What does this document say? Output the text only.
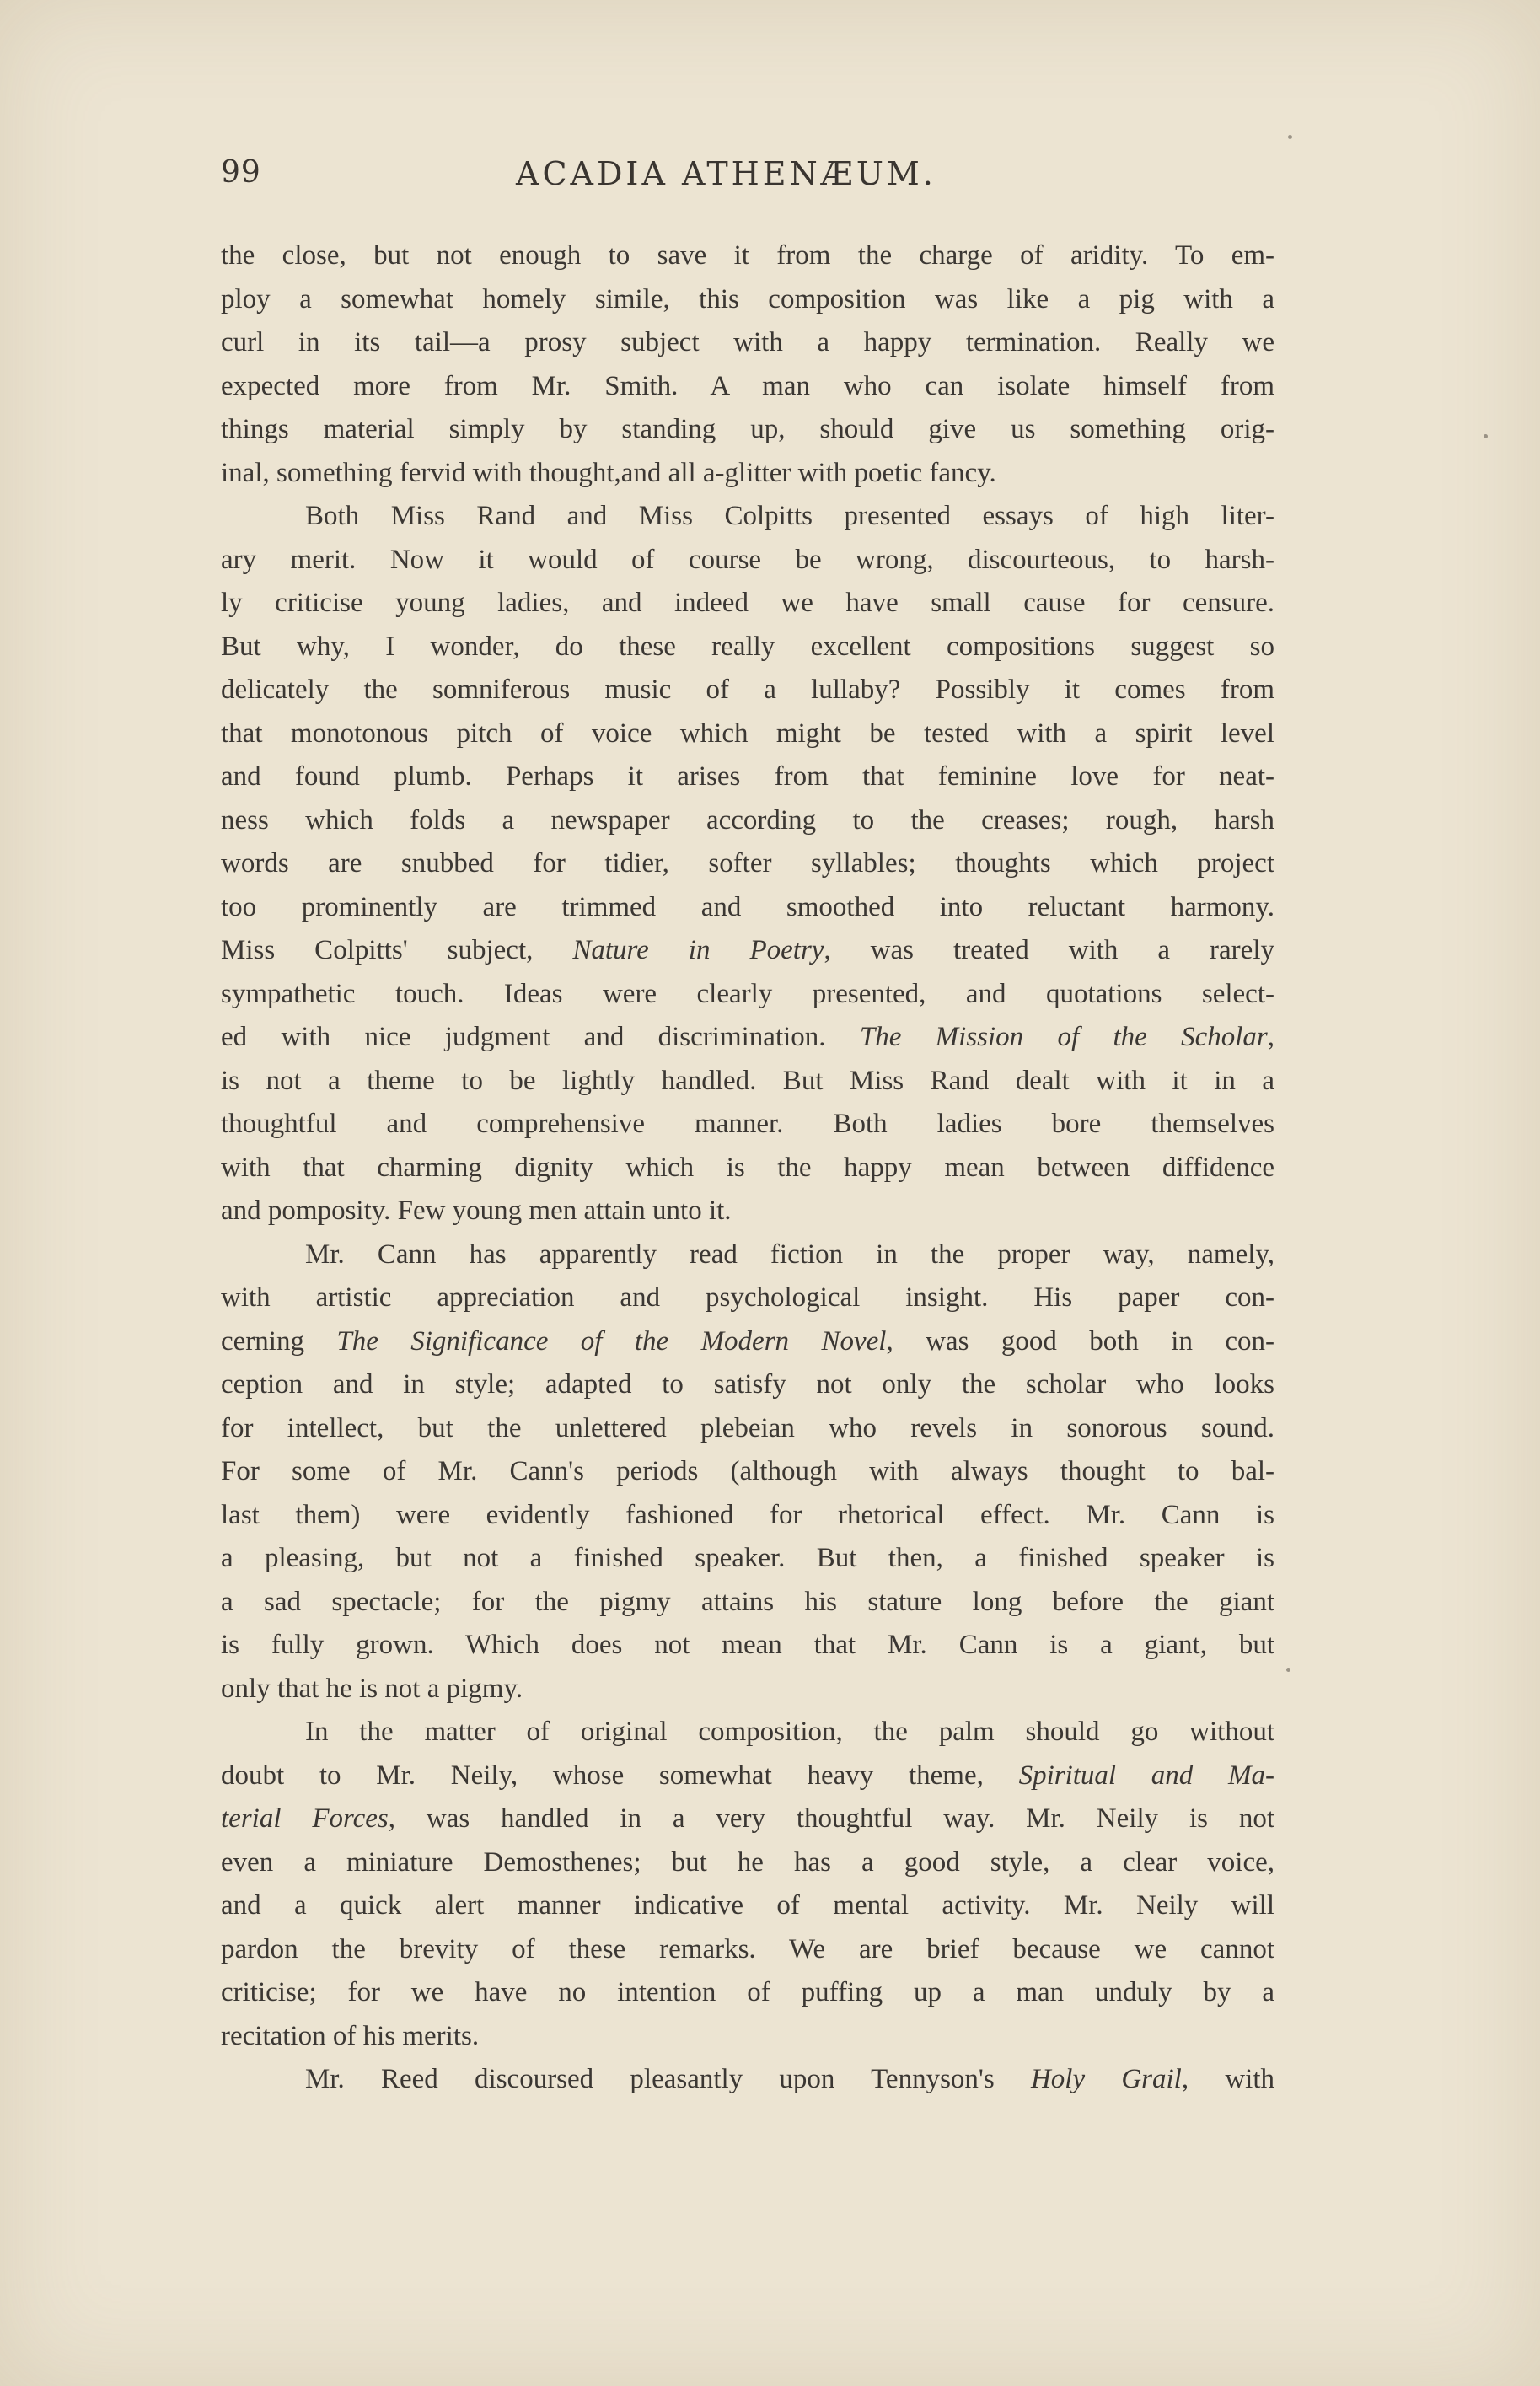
99	ACADIA ATHENÆUM.
the close, but not enough to save it from the charge of aridity. To em-
ploy a somewhat homely simile, this composition was like a pig with a
curl in its tail—a prosy subject with a happy termination. Really we
expected more from Mr. Smith. A man who can isolate himself from
things material simply by standing up, should give us something orig-
inal, something fervid with thought,and all a-glitter with poetic fancy.
Both Miss Rand and Miss Colpitts presented essays of high liter-
ary merit. Now it would of course be wrong, discourteous, to harsh-
ly criticise young ladies, and indeed we have small cause for censure.
But why, I wonder, do these really excellent compositions suggest so
delicately the somniferous music of a lullaby? Possibly it comes from
that monotonous pitch of voice which might be tested with a spirit level
and found plumb. Perhaps it arises from that feminine love for neat-
ness which folds a newspaper according to the creases; rough, harsh
words are snubbed for tidier, softer syllables; thoughts which project
too prominently are trimmed and smoothed into reluctant harmony.
Miss Colpitts' subject, Nature in Poetry, was treated with a rarely
sympathetic touch. Ideas were clearly presented, and quotations select-
ed with nice judgment and discrimination. The Mission of the Scholar,
is not a theme to be lightly handled. But Miss Rand dealt with it in a
thoughtful and comprehensive manner. Both ladies bore themselves
with that charming dignity which is the happy mean between diffidence
and pomposity. Few young men attain unto it.
Mr. Cann has apparently read fiction in the proper way, namely,
with artistic appreciation and psychological insight. His paper con-
cerning The Significance of the Modern Novel, was good both in con-
ception and in style; adapted to satisfy not only the scholar who looks
for intellect, but the unlettered plebeian who revels in sonorous sound.
For some of Mr. Cann's periods (although with always thought to bal-
last them) were evidently fashioned for rhetorical effect. Mr. Cann is
a pleasing, but not a finished speaker. But then, a finished speaker is
a sad spectacle; for the pigmy attains his stature long before the giant
is fully grown. Which does not mean that Mr. Cann is a giant, but
only that he is not a pigmy.
In the matter of original composition, the palm should go without
doubt to Mr. Neily, whose somewhat heavy theme, Spiritual and Ma-
terial Forces, was handled in a very thoughtful way. Mr. Neily is not
even a miniature Demosthenes; but he has a good style, a clear voice,
and a quick alert manner indicative of mental activity. Mr. Neily will
pardon the brevity of these remarks. We are brief because we cannot
criticise; for we have no intention of puffing up a man unduly by a
recitation of his merits.
Mr. Reed discoursed pleasantly upon Tennyson's Holy Grail, with
